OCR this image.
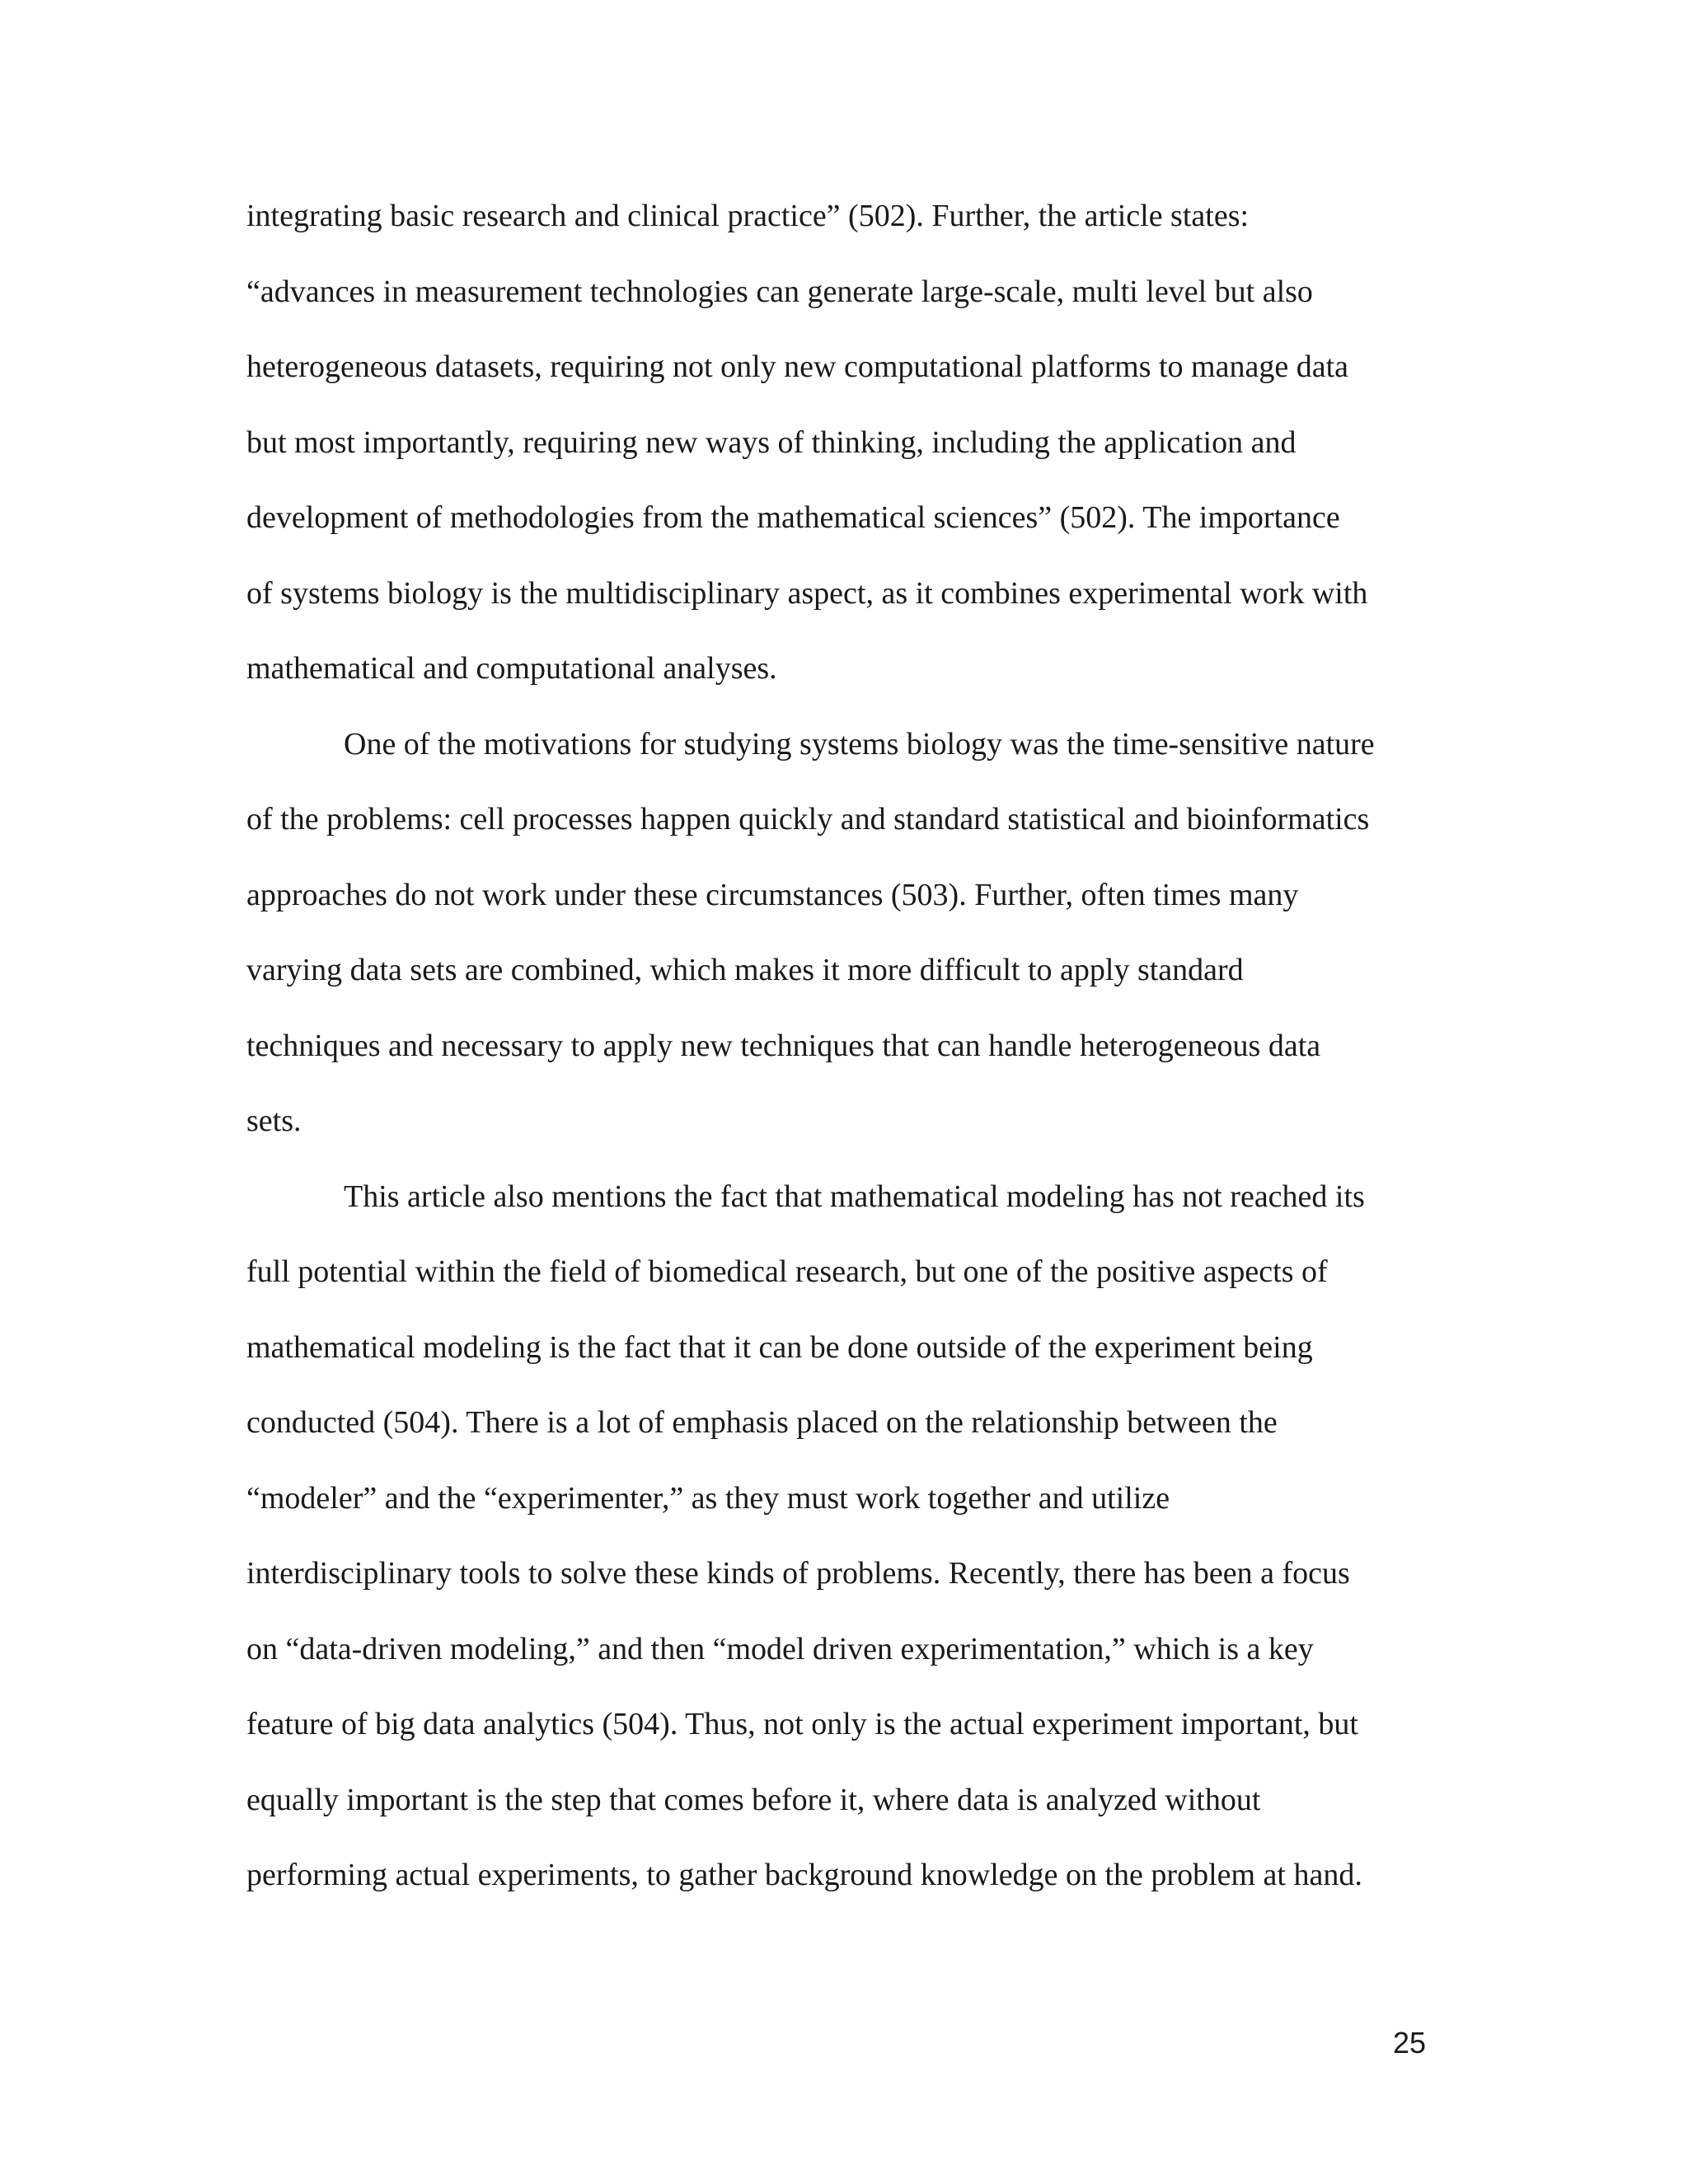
integrating basic research and clinical practice” (502). Further, the article states:
“advances in measurement technologies can generate large-scale, multi level but also
heterogeneous datasets, requiring not only new computational platforms to manage data
but most importantly, requiring new ways of thinking, including the application and
development of methodologies from the mathematical sciences” (502). The importance
of systems biology is the multidisciplinary aspect, as it combines experimental work with
mathematical and computational analyses.
One of the motivations for studying systems biology was the time-sensitive nature
of the problems: cell processes happen quickly and standard statistical and bioinformatics
approaches do not work under these circumstances (503). Further, often times many
varying data sets are combined, which makes it more difficult to apply standard
techniques and necessary to apply new techniques that can handle heterogeneous data
sets.
This article also mentions the fact that mathematical modeling has not reached its
full potential within the field of biomedical research, but one of the positive aspects of
mathematical modeling is the fact that it can be done outside of the experiment being
conducted (504). There is a lot of emphasis placed on the relationship between the
“modeler” and the “experimenter,” as they must work together and utilize
interdisciplinary tools to solve these kinds of problems. Recently, there has been a focus
on “data-driven modeling,” and then “model driven experimentation,” which is a key
feature of big data analytics (504). Thus, not only is the actual experiment important, but
equally important is the step that comes before it, where data is analyzed without
performing actual experiments, to gather background knowledge on the problem at hand.
25
